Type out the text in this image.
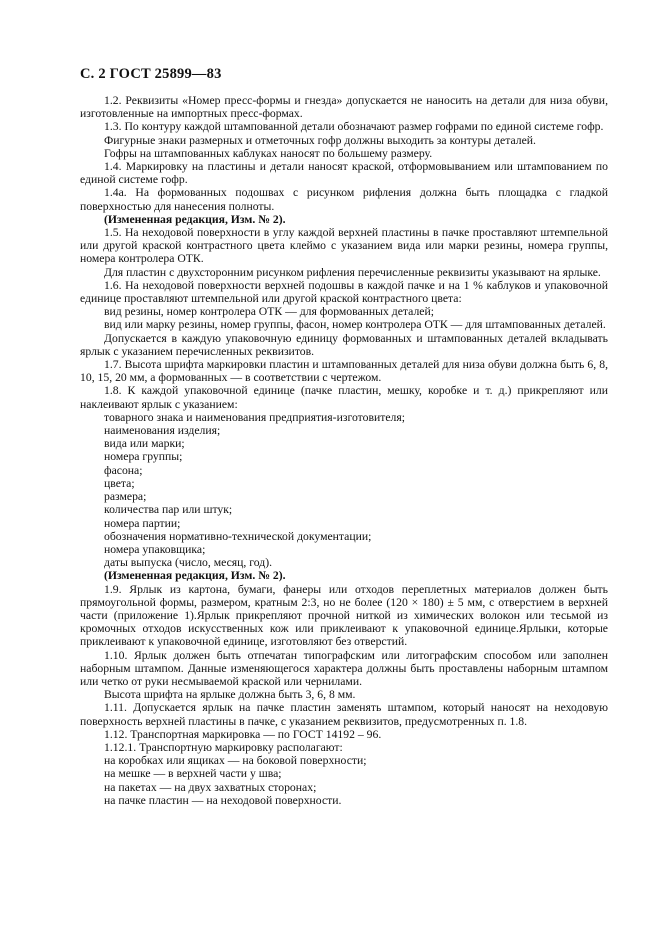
С. 2 ГОСТ 25899—83

1.2. Реквизиты «Номер пресс-формы и гнезда» допускается не наносить на детали для низа обуви, изготовленные на импортных пресс-формах.

1.3. По контуру каждой штампованной детали обозначают размер гофрами по единой системе гофр.

Фигурные знаки размерных и отметочных гофр должны выходить за контуры деталей.

Гофры на штампованных каблуках наносят по большему размеру.

1.4. Маркировку на пластины и детали наносят краской, отформовыванием или штампованием по единой системе гофр.

1.4а. На формованных подошвах с рисунком рифления должна быть площадка с гладкой поверхностью для нанесения полноты.

(Измененная редакция, Изм. № 2).

1.5. На неходовой поверхности в углу каждой верхней пластины в пачке проставляют штемпельной или другой краской контрастного цвета клеймо с указанием вида или марки резины, номера группы, номера контролера ОТК.

Для пластин с двухсторонним рисунком рифления перечисленные реквизиты указывают на ярлыке.

1.6. На неходовой поверхности верхней подошвы в каждой пачке и на 1 % каблуков и упаковочной единице проставляют штемпельной или другой краской контрастного цвета:

вид резины, номер контролера ОТК — для формованных деталей;

вид или марку резины, номер группы, фасон, номер контролера ОТК — для штампованных деталей.

Допускается в каждую упаковочную единицу формованных и штампованных деталей вкладывать ярлык с указанием перечисленных реквизитов.

1.7. Высота шрифта маркировки пластин и штампованных деталей для низа обуви должна быть 6, 8, 10, 15, 20 мм, а формованных — в соответствии с чертежом.

1.8. К каждой упаковочной единице (пачке пластин, мешку, коробке и т. д.) прикрепляют или наклеивают ярлык с указанием:

товарного знака и наименования предприятия-изготовителя;

наименования изделия;

вида или марки;

номера группы;

фасона;

цвета;

размера;

количества пар или штук;

номера партии;

обозначения нормативно-технической документации;

номера упаковщика;

даты выпуска (число, месяц, год).

(Измененная редакция, Изм. № 2).

1.9. Ярлык из картона, бумаги, фанеры или отходов переплетных материалов должен быть прямоугольной формы, размером, кратным 2:3, но не более (120 × 180) ± 5 мм, с отверстием в верхней части (приложение 1).Ярлык прикрепляют прочной ниткой из химических волокон или тесьмой из кромочных отходов искусственных кож или приклеивают к упаковочной единице.Ярлыки, которые приклеивают к упаковочной единице, изготовляют без отверстий.

1.10. Ярлык должен быть отпечатан типографским или литографским способом или заполнен наборным штампом. Данные изменяющегося характера должны быть проставлены наборным штампом или четко от руки несмываемой краской или чернилами.

Высота шрифта на ярлыке должна быть 3, 6, 8 мм.

1.11. Допускается ярлык на пачке пластин заменять штампом, который наносят на неходовую поверхность верхней пластины в пачке, с указанием реквизитов, предусмотренных п. 1.8.

1.12. Транспортная маркировка — по ГОСТ 14192 – 96.

1.12.1. Транспортную маркировку располагают:

на коробках или ящиках — на боковой поверхности;

на мешке — в верхней части у шва;

на пакетах — на двух захватных сторонах;

на пачке пластин — на неходовой поверхности.
